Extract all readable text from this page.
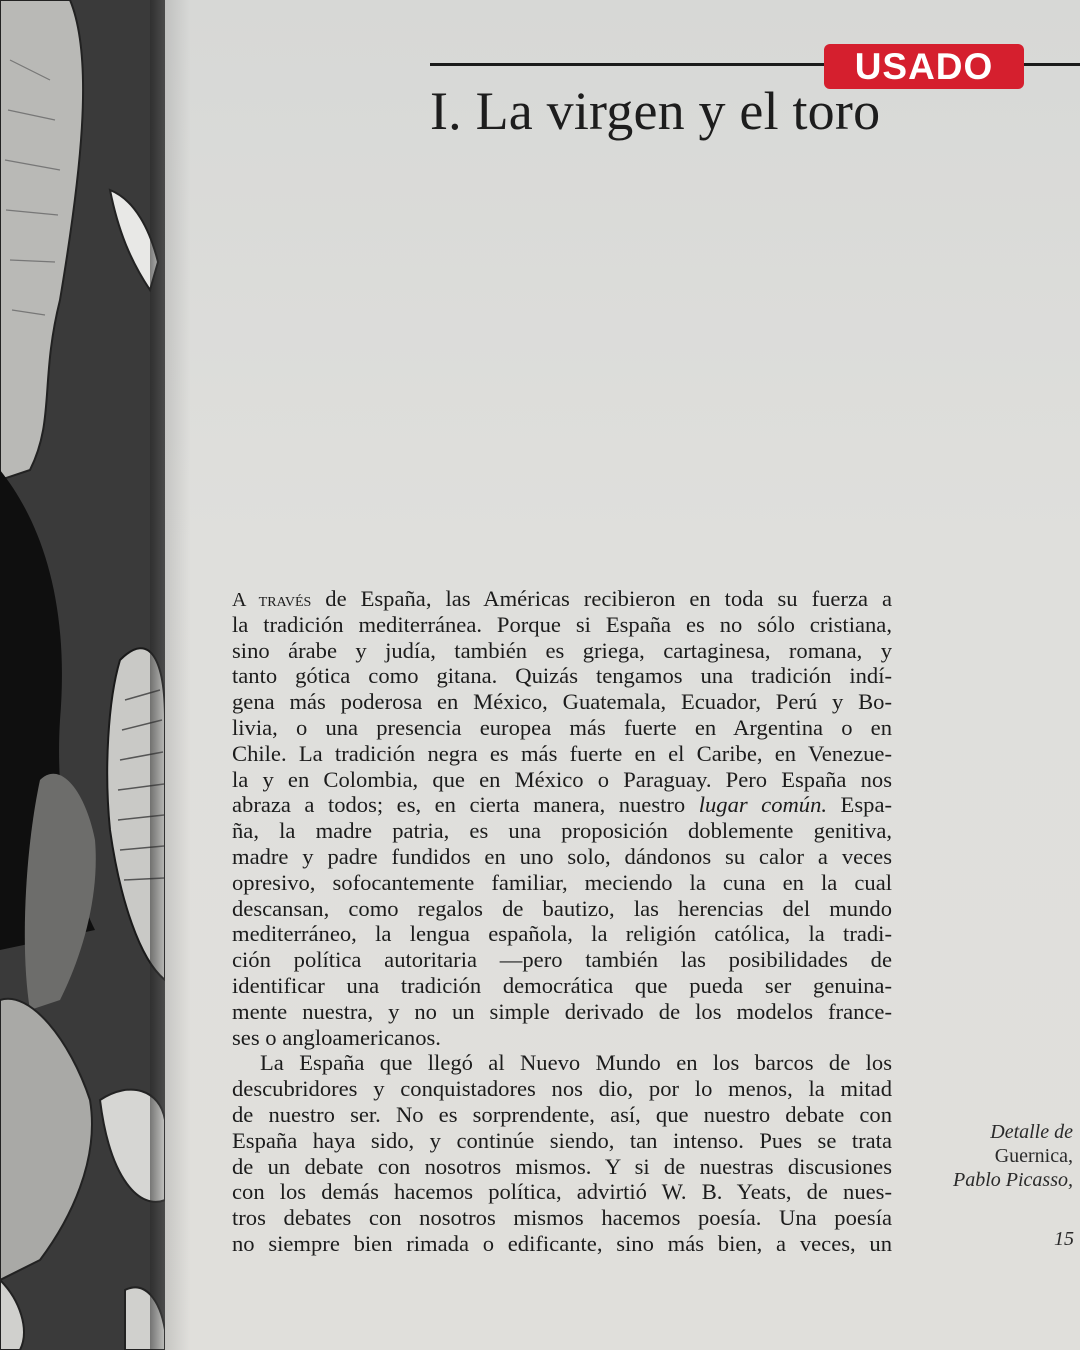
USADO
I. La virgen y el toro
A través de España, las Américas recibieron en toda su fuerza a
la tradición mediterránea. Porque si España es no sólo cristiana,
sino árabe y judía, también es griega, cartaginesa, romana, y
tanto gótica como gitana. Quizás tengamos una tradición indí-
gena más poderosa en México, Guatemala, Ecuador, Perú y Bo-
livia, o una presencia europea más fuerte en Argentina o en
Chile. La tradición negra es más fuerte en el Caribe, en Venezue-
la y en Colombia, que en México o Paraguay. Pero España nos
abraza a todos; es, en cierta manera, nuestro lugar común. Espa-
ña, la madre patria, es una proposición doblemente genitiva,
madre y padre fundidos en uno solo, dándonos su calor a veces
opresivo, sofocantemente familiar, meciendo la cuna en la cual
descansan, como regalos de bautizo, las herencias del mundo
mediterráneo, la lengua española, la religión católica, la tradi-
ción política autoritaria —pero también las posibilidades de
identificar una tradición democrática que pueda ser genuina-
mente nuestra, y no un simple derivado de los modelos france-
ses o angloamericanos.
La España que llegó al Nuevo Mundo en los barcos de los
descubridores y conquistadores nos dio, por lo menos, la mitad
de nuestro ser. No es sorprendente, así, que nuestro debate con
España haya sido, y continúe siendo, tan intenso. Pues se trata
de un debate con nosotros mismos. Y si de nuestras discusiones
con los demás hacemos política, advirtió W. B. Yeats, de nues-
tros debates con nosotros mismos hacemos poesía. Una poesía
no siempre bien rimada o edificante, sino más bien, a veces, un
Detalle de
Guernica,
Pablo Picasso,
15
